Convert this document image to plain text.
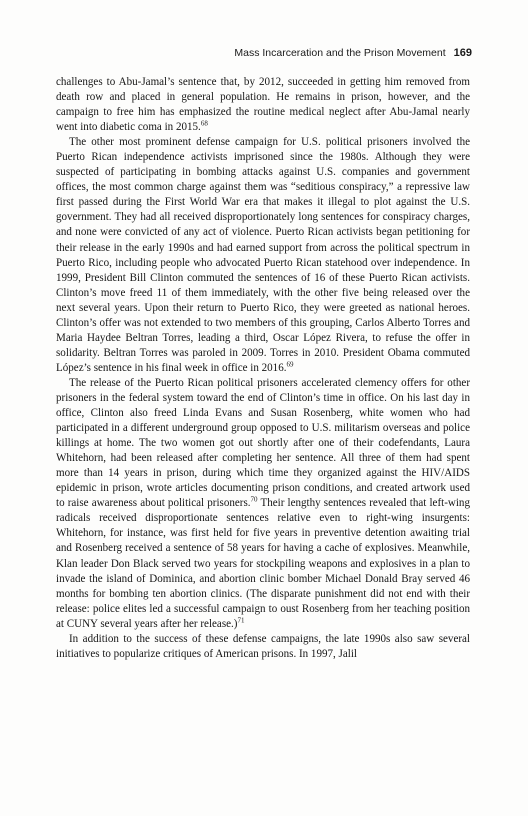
Mass Incarceration and the Prison Movement 169

challenges to Abu-Jamal’s sentence that, by 2012, succeeded in getting him removed from death row and placed in general population. He remains in prison, however, and the campaign to free him has emphasized the routine medical neglect after Abu-Jamal nearly went into diabetic coma in 2015.68

The other most prominent defense campaign for U.S. political prisoners involved the Puerto Rican independence activists imprisoned since the 1980s. Although they were suspected of participating in bombing attacks against U.S. companies and government offices, the most common charge against them was “seditious conspiracy,” a repressive law first passed during the First World War era that makes it illegal to plot against the U.S. government. They had all received disproportionately long sentences for conspiracy charges, and none were convicted of any act of violence. Puerto Rican activists began petitioning for their release in the early 1990s and had earned support from across the political spectrum in Puerto Rico, including people who advocated Puerto Rican statehood over independence. In 1999, President Bill Clinton commuted the sentences of 16 of these Puerto Rican activists. Clinton’s move freed 11 of them immediately, with the other five being released over the next several years. Upon their return to Puerto Rico, they were greeted as national heroes. Clinton’s offer was not extended to two members of this grouping, Carlos Alberto Torres and Maria Haydee Beltran Torres, leading a third, Oscar López Rivera, to refuse the offer in solidarity. Beltran Torres was paroled in 2009. Torres in 2010. President Obama commuted López’s sentence in his final week in office in 2016.69

The release of the Puerto Rican political prisoners accelerated clemency offers for other prisoners in the federal system toward the end of Clinton’s time in office. On his last day in office, Clinton also freed Linda Evans and Susan Rosenberg, white women who had participated in a different underground group opposed to U.S. militarism overseas and police killings at home. The two women got out shortly after one of their codefendants, Laura Whitehorn, had been released after completing her sentence. All three of them had spent more than 14 years in prison, during which time they organized against the HIV/AIDS epidemic in prison, wrote articles documenting prison conditions, and created artwork used to raise awareness about political prisoners.$^{70}$ Their lengthy sentences revealed that left-wing radicals received disproportionate sentences relative even to right-wing insurgents: Whitehorn, for instance, was first held for five years in preventive detention awaiting trial and Rosenberg received a sentence of 58 years for having a cache of explosives. Meanwhile, Klan leader Don Black served two years for stockpiling weapons and explosives in a plan to invade the island of Dominica, and abortion clinic bomber Michael Donald Bray served 46 months for bombing ten abortion clinics. (The disparate punishment did not end with their release: police elites led a successful campaign to oust Rosenberg from her teaching position at CUNY several years after her release.)$^{71}$

In addition to the success of these defense campaigns, the late 1990s also saw several initiatives to popularize critiques of American prisons. In 1997, Jalil
